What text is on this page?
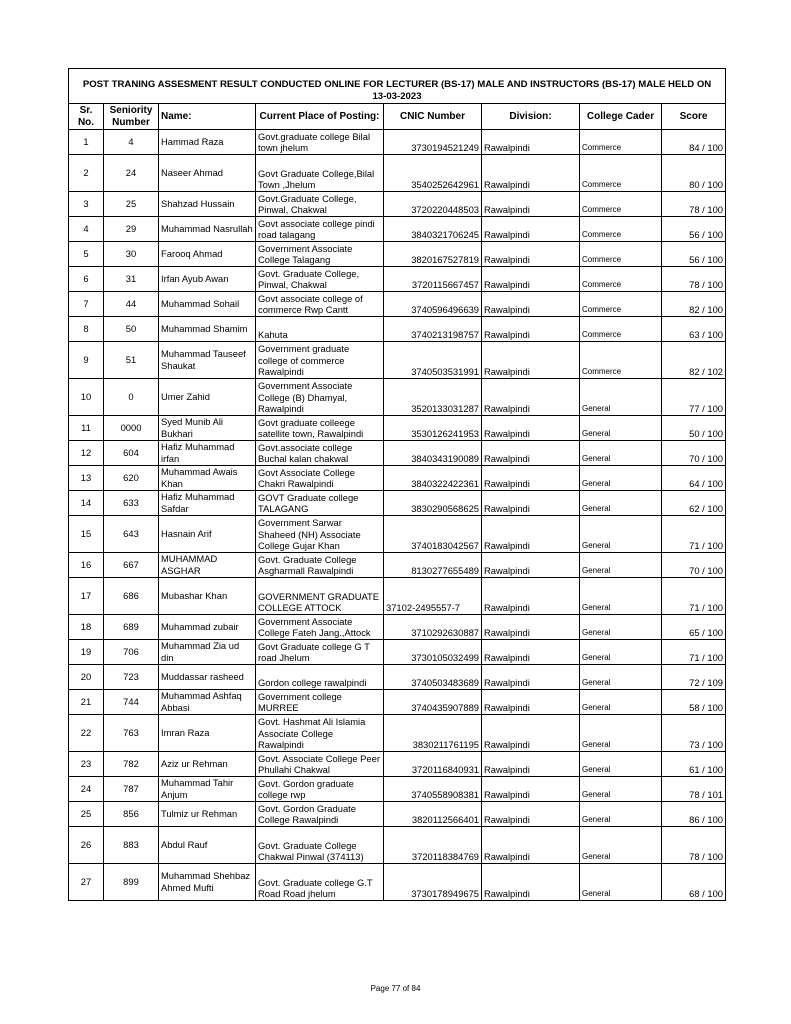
POST TRANING ASSESMENT RESULT CONDUCTED ONLINE FOR LECTURER (BS-17) MALE AND INSTRUCTORS (BS-17) MALE HELD ON 13-03-2023							
Sr. No.	Seniority Number	Name:	Current Place of Posting:	CNIC Number	Division:	College Cader	Score
1	4	Hammad Raza	Govt.graduate college Bilal town jhelum	3730194521249	Rawalpindi	Commerce	84 / 100
2	24	Naseer Ahmad	Govt Graduate College,Bilal Town ,Jhelum	3540252642961	Rawalpindi	Commerce	80 / 100
3	25	Shahzad Hussain	Govt.Graduate College, Pinwal, Chakwal	3720220448503	Rawalpindi	Commerce	78 / 100
4	29	Muhammad Nasrullah	Govt associate college pindi road talagang	3840321706245	Rawalpindi	Commerce	56 / 100
5	30	Farooq Ahmad	Government Associate College Talagang	3820167527819	Rawalpindi	Commerce	56 / 100
6	31	Irfan Ayub Awan	Govt. Graduate College, Pinwal, Chakwal	3720115667457	Rawalpindi	Commerce	78 / 100
7	44	Muhammad Sohail	Govt associate college of commerce Rwp Cantt	3740596496639	Rawalpindi	Commerce	82 / 100
8	50	Muhammad Shamim	Kahuta	3740213198757	Rawalpindi	Commerce	63 / 100
9	51	Muhammad Tauseef Shaukat	Government graduate college of commerce Rawalpindi	3740503531991	Rawalpindi	Commerce	82 / 102
10	0	Umer Zahid	Government Associate College (B) Dhamyal, Rawalpindi	3520133031287	Rawalpindi	General	77 / 100
11	0000	Syed Munib Ali Bukhari	Govt graduate colleege satellite town, Rawalpindi	3530126241953	Rawalpindi	General	50 / 100
12	604	Hafiz Muhammad irfan	Govt.associate college Buchal kalan chakwal	3840343190089	Rawalpindi	General	70 / 100
13	620	Muhammad Awais Khan	Govt Associate College Chakri Rawalpindi	3840322422361	Rawalpindi	General	64 / 100
14	633	Hafiz Muhammad Safdar	GOVT Graduate college TALAGANG	3830290568625	Rawalpindi	General	62 / 100
15	643	Hasnain Arif	Government Sarwar Shaheed (NH) Associate College Gujar Khan	3740183042567	Rawalpindi	General	71 / 100
16	667	MUHAMMAD ASGHAR	Govt. Graduate College Asgharmall Rawalpindi	8130277655489	Rawalpindi	General	70 / 100
17	686	Mubashar Khan	GOVERNMENT GRADUATE COLLEGE ATTOCK	37102-2495557-7	Rawalpindi	General	71 / 100
18	689	Muhammad zubair	Government Associate College Fateh Jang.,Attock	3710292630887	Rawalpindi	General	65 / 100
19	706	Muhammad Zia ud din	Govt Graduate college G T road Jhelum	3730105032499	Rawalpindi	General	71 / 100
20	723	Muddassar rasheed	Gordon college rawalpindi	3740503483689	Rawalpindi	General	72 / 109
21	744	Muhammad Ashfaq Abbasi	Government college MURREE	3740435907889	Rawalpindi	General	58 / 100
22	763	Imran Raza	Govt. Hashmat Ali Islamia Associate College Rawalpindi	3830211761195	Rawalpindi	General	73 / 100
23	782	Aziz ur Rehman	Govt. Associate College Peer Phullahi Chakwal	3720116840931	Rawalpindi	General	61 / 100
24	787	Muhammad Tahir Anjum	Govt. Gordon graduate college rwp	3740558908381	Rawalpindi	General	78 / 101
25	856	Tulmiz ur Rehman	Govt. Gordon Graduate College Rawalpindi	3820112566401	Rawalpindi	General	86 / 100
26	883	Abdul Rauf	Govt. Graduate College Chakwal Pinwal (374113)	3720118384769	Rawalpindi	General	78 / 100
27	899	Muhammad Shehbaz Ahmed Mufti	Govt. Graduate college G.T Road Road jhelum	3730178949675	Rawalpindi	General	68 / 100
Page 77 of 84
